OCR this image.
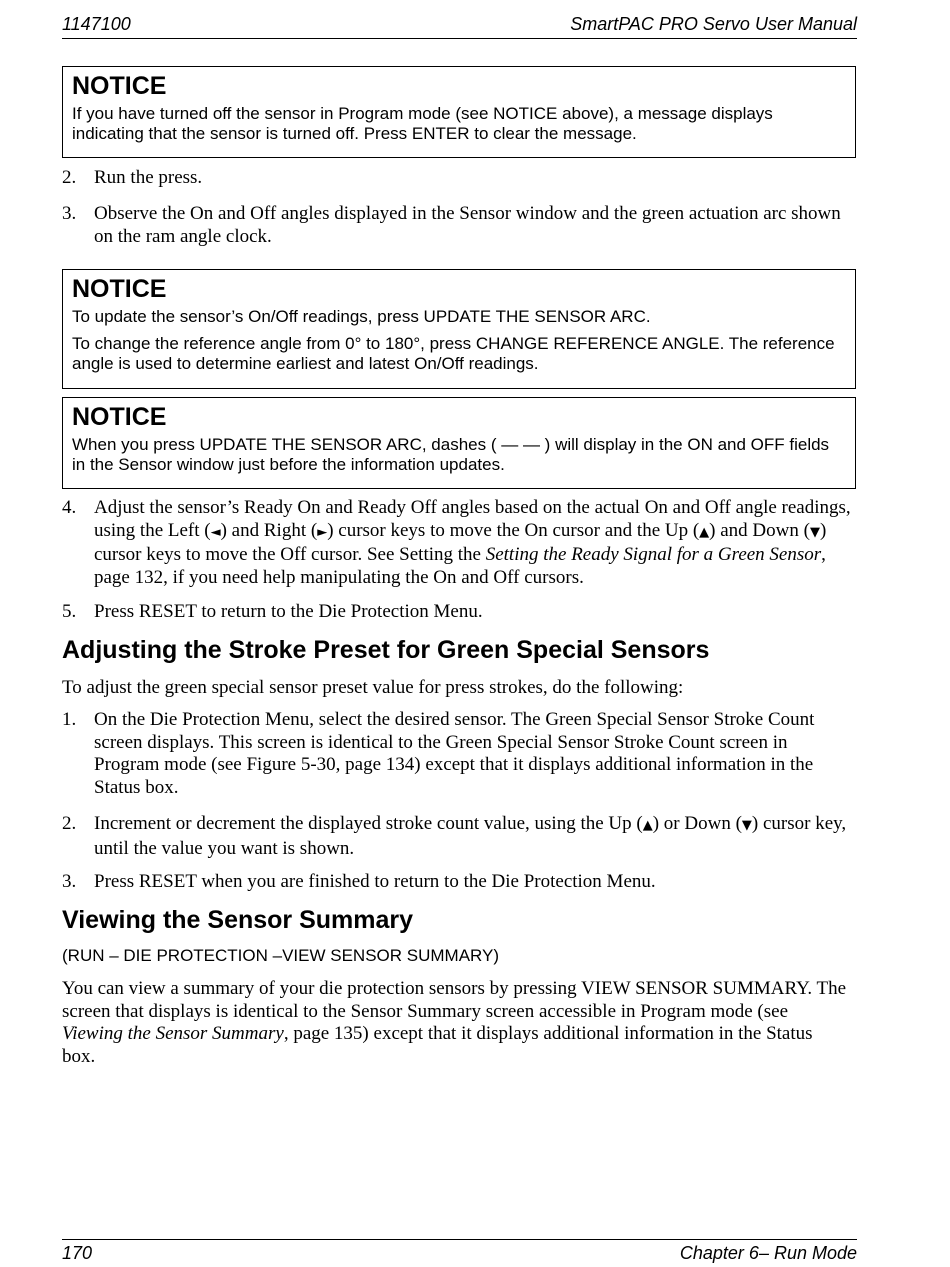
1147100	SmartPAC PRO Servo User Manual
NOTICE

If you have turned off the sensor in Program mode (see NOTICE above), a message displays indicating that the sensor is turned off. Press ENTER to clear the message.

2. Run the press.
3. Observe the On and Off angles displayed in the Sensor window and the green actuation arc shown on the ram angle clock.
NOTICE

To update the sensor’s On/Off readings, press UPDATE THE SENSOR ARC.

To change the reference angle from 0° to 180°, press CHANGE REFERENCE ANGLE. The reference angle is used to determine earliest and latest On/Off readings.

NOTICE

When you press UPDATE THE SENSOR ARC, dashes ( — — ) will display in the ON and OFF fields in the Sensor window just before the information updates.

4. Adjust the sensor’s Ready On and Ready Off angles based on the actual On and Off angle readings, using the Left (◄) and Right (►) cursor keys to move the On cursor and the Up (▲) and Down (▼) cursor keys to move the Off cursor. See Setting the Setting the Ready Signal for a Green Sensor, page 132, if you need help manipulating the On and Off cursors.
5. Press RESET to return to the Die Protection Menu.
Adjusting the Stroke Preset for Green Special Sensors

To adjust the green special sensor preset value for press strokes, do the following:

1. On the Die Protection Menu, select the desired sensor. The Green Special Sensor Stroke Count screen displays. This screen is identical to the Green Special Sensor Stroke Count screen in Program mode (see Figure 5-30, page 134) except that it displays additional information in the Status box.
2. Increment or decrement the displayed stroke count value, using the Up (▲) or Down (▼) cursor key, until the value you want is shown.
3. Press RESET when you are finished to return to the Die Protection Menu.
Viewing the Sensor Summary

(RUN – DIE PROTECTION –VIEW SENSOR SUMMARY)

You can view a summary of your die protection sensors by pressing VIEW SENSOR SUMMARY. The screen that displays is identical to the Sensor Summary screen accessible in Program mode (see Viewing the Sensor Summary, page 135) except that it displays additional information in the Status box.

170	Chapter 6– Run Mode
